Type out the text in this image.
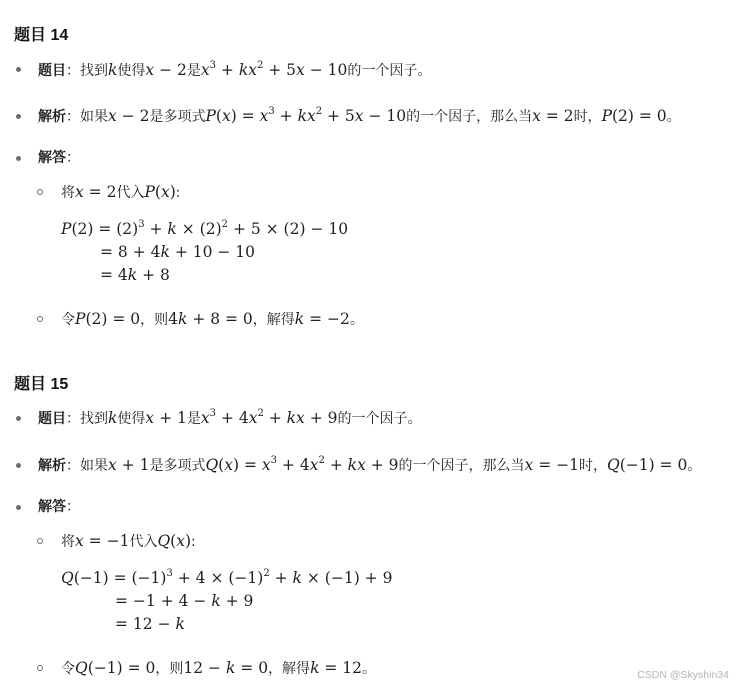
题目 14
题目：找到k使得x − 2是$x^3 + kx^2 + 5x - 10$的一个因子。
解析：如果x − 2是多项式$P(x) = x^3 + kx^2 + 5x - 10$的一个因子，那么当x = 2时，P(2) = 0。
解答：
将x = 2代入P(x):
$P(2) = (2)^3 + k \times (2)^2 + 5 \times (2) - 10$
= 8 + 4k + 10 − 10
= 4k + 8
令P(2) = 0，则4k + 8 = 0，解得k = −2。
题目 15
题目：找到k使得x + 1是$x^3 + 4x^2$ + kx + 9的一个因子。
解析：如果x + 1是多项式$Q(x) = x^3 + 4x^2$ + kx + 9的一个因子，那么当x = −1时，Q(−1) = 0。
解答：
将x = −1代入Q(x):
$Q(-1) = (-1)^3 + 4 \times (-1)^2 + k \times (-1) + 9$
= −1 + 4 − k + 9
= 12 − k
令Q(−1) = 0，则12 − k = 0，解得k = 12。	CSDN @Skyshin34
